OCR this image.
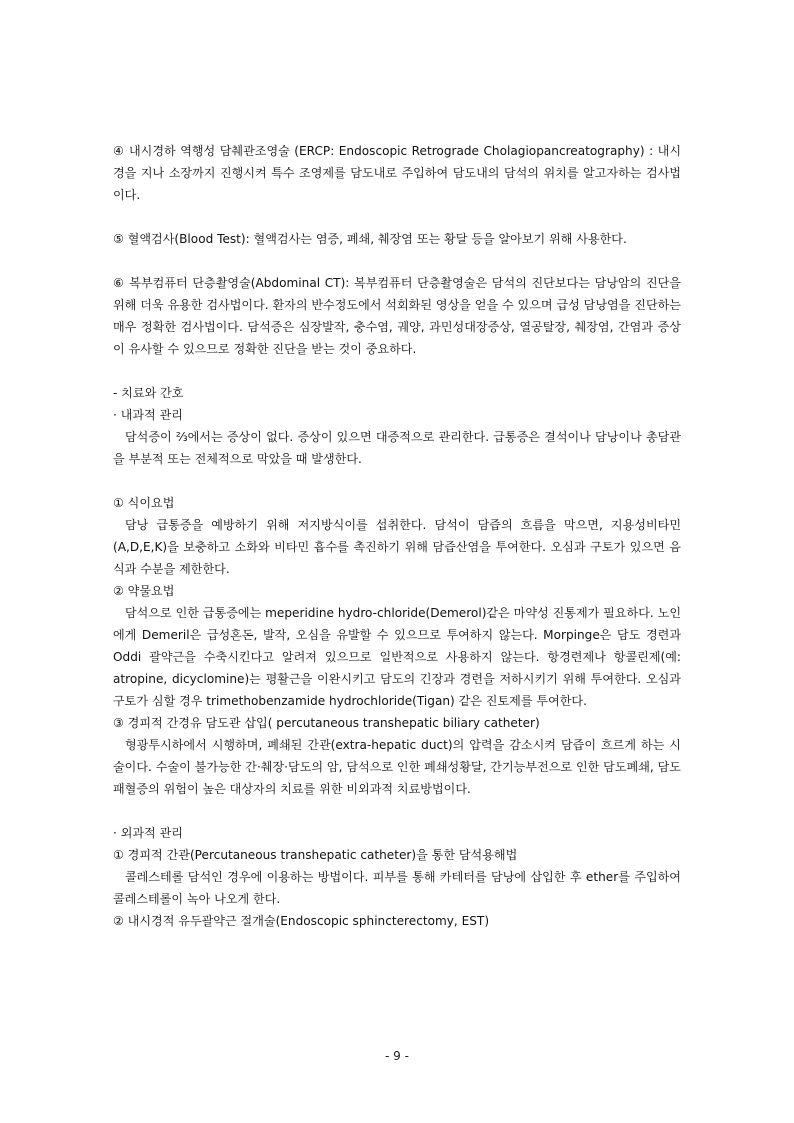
④ 내시경하 역행성 담췌관조영술 (ERCP: Endoscopic Retrograde Cholagiopancreatography) : 내시경을 지나 소장까지 진행시켜 특수 조영제를 담도내로 주입하여 담도내의 담석의 위치를 알고자하는 검사법이다.

⑤ 혈액검사(Blood Test): 혈액검사는 염증, 폐쇄, 췌장염 또는 황달 등을 알아보기 위해 사용한다.

⑥ 복부컴퓨터 단층촬영술(Abdominal CT): 복부컴퓨터 단층촬영술은 담석의 진단보다는 담낭암의 진단을 위해 더욱 유용한 검사법이다. 환자의 반수정도에서 석회화된 영상을 얻을 수 있으며 급성 담낭염을 진단하는 매우 정확한 검사법이다. 담석증은 심장발작, 충수염, 궤양, 과민성대장증상, 열공탈장, 췌장염, 간염과 증상이 유사할 수 있으므로 정확한 진단을 받는 것이 중요하다.

- 치료와 간호

· 내과적 관리

담석증이 ⅔에서는 증상이 없다. 증상이 있으면 대증적으로 관리한다. 급통증은 결석이나 담낭이나 총담관을 부분적 또는 전체적으로 막았을 때 발생한다.

① 식이요법

담낭 급통증을 예방하기 위해 저지방식이를 섭취한다. 담석이 담즙의 흐름을 막으면, 지용성비타민(A,D,E,K)을 보충하고 소화와 비타민 흡수를 촉진하기 위해 담즙산염을 투여한다. 오심과 구토가 있으면 음식과 수분을 제한한다.

② 약물요법

담석으로 인한 급통증에는 meperidine hydro-chloride(Demerol)같은 마약성 진통제가 필요하다. 노인에게 Demeril은 급성혼돈, 발작, 오심을 유발할 수 있으므로 투여하지 않는다. Morpinge은 담도 경련과 Oddi 괄약근을 수축시킨다고 알려져 있으므로 일반적으로 사용하지 않는다. 항경련제나 항콜린제(예: atropine, dicyclomine)는 평활근을 이완시키고 담도의 긴장과 경련을 저하시키기 위해 투여한다. 오심과 구토가 심할 경우 trimethobenzamide hydrochloride(Tigan) 같은 진토제를 투여한다.

③ 경피적 간경유 담도관 삽입( percutaneous transhepatic biliary catheter)

형광투시하에서 시행하며, 폐쇄된 간관(extra-hepatic duct)의 압력을 감소시켜 담즙이 흐르게 하는 시술이다. 수술이 불가능한 간·췌장·담도의 암, 담석으로 인한 폐쇄성황달, 간기능부전으로 인한 담도폐쇄, 담도패혈증의 위험이 높은 대상자의 치료를 위한 비외과적 치료방법이다.

· 외과적 관리

① 경피적 간관(Percutaneous transhepatic catheter)을 통한 담석용해법

콜레스테롤 담석인 경우에 이용하는 방법이다. 피부를 통해 카테터를 담낭에 삽입한 후 ether를 주입하여 콜레스테롤이 녹아 나오게 한다.

② 내시경적 유두괄약근 절개술(Endoscopic sphincterectomy, EST)

- 9 -
